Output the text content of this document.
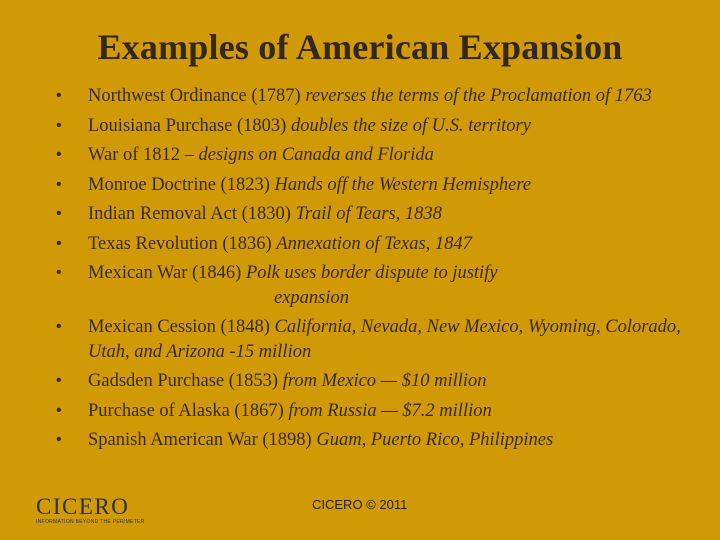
Examples of American Expansion
• Northwest Ordinance (1787) reverses the terms of the Proclamation of 1763
• Louisiana Purchase (1803) doubles the size of U.S. territory
• War of 1812 – designs on Canada and Florida
• Monroe Doctrine (1823) Hands off the Western Hemisphere
• Indian Removal Act (1830) Trail of Tears, 1838
• Texas Revolution (1836) Annexation of Texas, 1847
• Mexican War (1846) Polk uses border dispute to justify
expansion
• Mexican Cession (1848) California, Nevada, New Mexico, Wyoming, Colorado, Utah, and Arizona -15 million
• Gadsden Purchase (1853) from Mexico — $10 million
• Purchase of Alaska (1867) from Russia — $7.2 million
• Spanish American War (1898) Guam, Puerto Rico, Philippines
CICERO
INFORMATION BEYOND THE PERIMETER
CICERO © 2011
